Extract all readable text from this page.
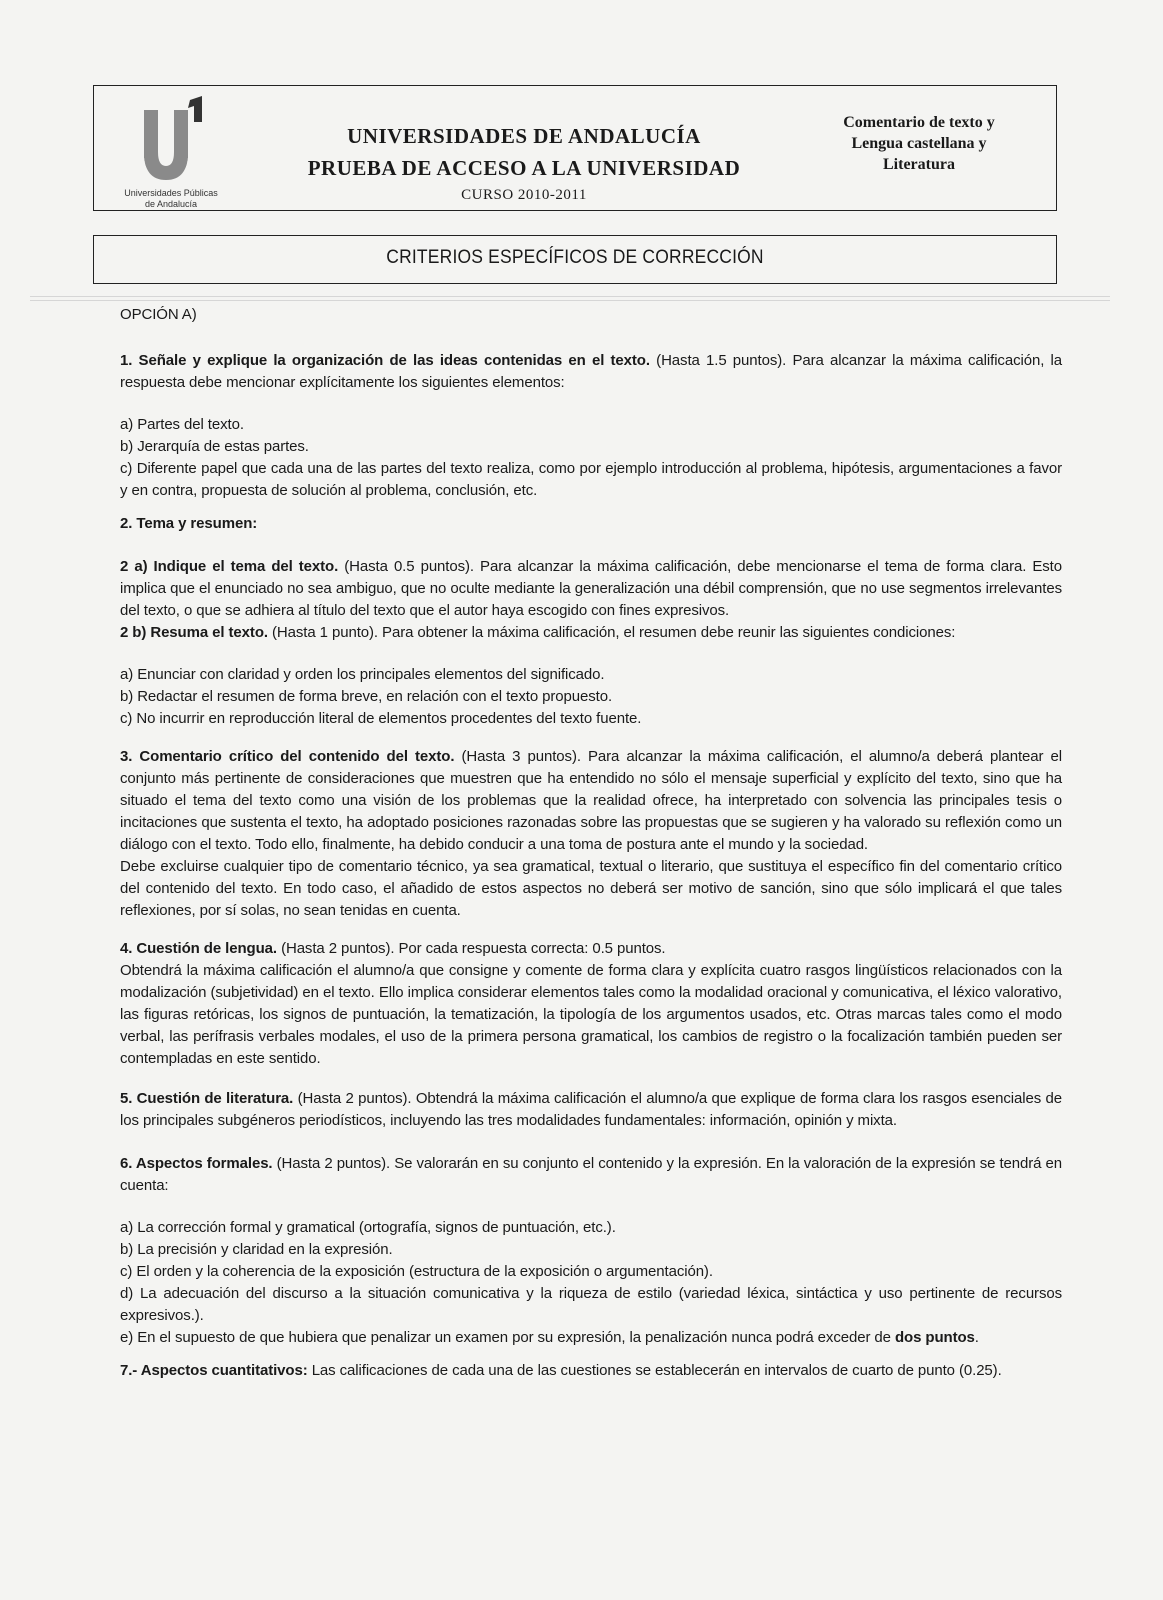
Universidades Públicas
de Andalucía
UNIVERSIDADES DE ANDALUCÍA
PRUEBA DE ACCESO A LA UNIVERSIDAD
CURSO 2010-2011
Comentario de texto y
Lengua castellana y
Literatura
CRITERIOS ESPECÍFICOS DE CORRECCIÓN

OPCIÓN A)

1. Señale y explique la organización de las ideas contenidas en el texto. (Hasta 1.5 puntos). Para alcanzar la máxima calificación, la respuesta debe mencionar explícitamente los siguientes elementos:

a) Partes del texto.

b) Jerarquía de estas partes.

c) Diferente papel que cada una de las partes del texto realiza, como por ejemplo introducción al problema, hipótesis, argumentaciones a favor y en contra, propuesta de solución al problema, conclusión, etc.

2. Tema y resumen:

2 a) Indique el tema del texto. (Hasta 0.5 puntos). Para alcanzar la máxima calificación, debe mencionarse el tema de forma clara. Esto implica que el enunciado no sea ambiguo, que no oculte mediante la generalización una débil comprensión, que no use segmentos irrelevantes del texto, o que se adhiera al título del texto que el autor haya escogido con fines expresivos.

2 b) Resuma el texto. (Hasta 1 punto). Para obtener la máxima calificación, el resumen debe reunir las siguientes condiciones:

a) Enunciar con claridad y orden los principales elementos del significado.

b) Redactar el resumen de forma breve, en relación con el texto propuesto.

c) No incurrir en reproducción literal de elementos procedentes del texto fuente.

3. Comentario crítico del contenido del texto. (Hasta 3 puntos). Para alcanzar la máxima calificación, el alumno/a deberá plantear el conjunto más pertinente de consideraciones que muestren que ha entendido no sólo el mensaje superficial y explícito del texto, sino que ha situado el tema del texto como una visión de los problemas que la realidad ofrece, ha interpretado con solvencia las principales tesis o incitaciones que sustenta el texto, ha adoptado posiciones razonadas sobre las propuestas que se sugieren y ha valorado su reflexión como un diálogo con el texto. Todo ello, finalmente, ha debido conducir a una toma de postura ante el mundo y la sociedad.

Debe excluirse cualquier tipo de comentario técnico, ya sea gramatical, textual o literario, que sustituya el específico fin del comentario crítico del contenido del texto. En todo caso, el añadido de estos aspectos no deberá ser motivo de sanción, sino que sólo implicará el que tales reflexiones, por sí solas, no sean tenidas en cuenta.

4. Cuestión de lengua. (Hasta 2 puntos). Por cada respuesta correcta: 0.5 puntos.

Obtendrá la máxima calificación el alumno/a que consigne y comente de forma clara y explícita cuatro rasgos lingüísticos relacionados con la modalización (subjetividad) en el texto. Ello implica considerar elementos tales como la modalidad oracional y comunicativa, el léxico valorativo, las figuras retóricas, los signos de puntuación, la tematización, la tipología de los argumentos usados, etc. Otras marcas tales como el modo verbal, las perífrasis verbales modales, el uso de la primera persona gramatical, los cambios de registro o la focalización también pueden ser contempladas en este sentido.

5. Cuestión de literatura. (Hasta 2 puntos). Obtendrá la máxima calificación el alumno/a que explique de forma clara los rasgos esenciales de los principales subgéneros periodísticos, incluyendo las tres modalidades fundamentales: información, opinión y mixta.

6. Aspectos formales. (Hasta 2 puntos). Se valorarán en su conjunto el contenido y la expresión. En la valoración de la expresión se tendrá en cuenta:

a) La corrección formal y gramatical (ortografía, signos de puntuación, etc.).

b) La precisión y claridad en la expresión.

c) El orden y la coherencia de la exposición (estructura de la exposición o argumentación).

d) La adecuación del discurso a la situación comunicativa y la riqueza de estilo (variedad léxica, sintáctica y uso pertinente de recursos expresivos.).

e) En el supuesto de que hubiera que penalizar un examen por su expresión, la penalización nunca podrá exceder de dos puntos.

7.- Aspectos cuantitativos: Las calificaciones de cada una de las cuestiones se establecerán en intervalos de cuarto de punto (0.25).
